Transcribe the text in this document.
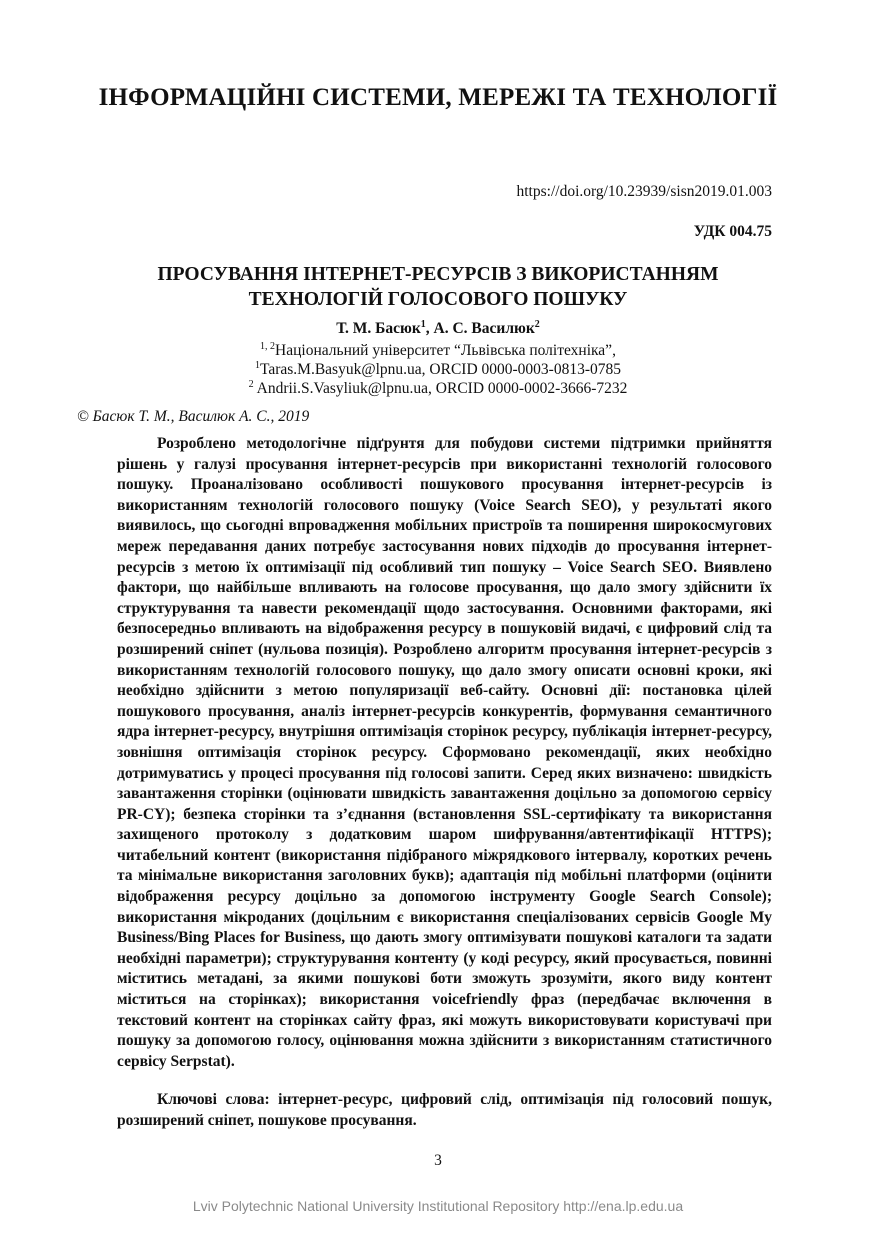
ІНФОРМАЦІЙНІ СИСТЕМИ, МЕРЕЖІ ТА ТЕХНОЛОГІЇ
https://doi.org/10.23939/sisn2019.01.003
УДК 004.75
ПРОСУВАННЯ ІНТЕРНЕТ-РЕСУРСІВ З ВИКОРИСТАННЯМ
ТЕХНОЛОГІЙ ГОЛОСОВОГО ПОШУКУ
Т. М. Басюк$^1$, А. С. Василюк$^2$
$^{1, 2}$Національний університет “Львівська політехніка”,
$^1$Taras.M.Basyuk@lpnu.ua, ORCID 0000-0003-0813-0785
$^2$ Andrii.S.Vasyliuk@lpnu.ua, ORCID 0000-0002-3666-7232
© Басюк Т. М., Василюк А. С., 2019

Розроблено методологічне підґрунтя для побудови системи підтримки прийняття рішень у галузі просування інтернет-ресурсів при використанні технологій голосового пошуку. Проаналізовано особливості пошукового просування інтернет-ресурсів із використанням технологій голосового пошуку (Voice Search SEO), у результаті якого виявилось, що сьогодні впровадження мобільних пристроїв та поширення широкосмугових мереж передавання даних потребує застосування нових підходів до просування інтернет-ресурсів з метою їх оптимізації під особливий тип пошуку – Voice Search SEO. Виявлено фактори, що найбільше впливають на голосове просування, що дало змогу здійснити їх структурування та навести рекомендації щодо застосування. Основними факторами, які безпосередньо впливають на відображення ресурсу в пошуковій видачі, є цифровий слід та розширений сніпет (нульова позиція). Розроблено алгоритм просування інтернет-ресурсів з використанням технологій голосового пошуку, що дало змогу описати основні кроки, які необхідно здійснити з метою популяризації веб-сайту. Основні дії: постановка цілей пошукового просування, аналіз інтернет-ресурсів конкурентів, формування семантичного ядра інтернет-ресурсу, внутрішня оптимізація сторінок ресурсу, публікація інтернет-ресурсу, зовнішня оптимізація сторінок ресурсу. Сформовано рекомендації, яких необхідно дотримуватись у процесі просування під голосові запити. Серед яких визначено: швидкість завантаження сторінки (оцінювати швидкість завантаження доцільно за допомогою сервісу PR-CY); безпека сторінки та з’єднання (встановлення SSL-сертифікату та використання захищеного протоколу з додатковим шаром шифрування/автентифікації HTTPS); читабельний контент (використання підібраного міжрядкового інтервалу, коротких речень та мінімальне використання заголовних букв); адаптація під мобільні платформи (оцінити відображення ресурсу доцільно за допомогою інструменту Google Search Console); використання мікроданих (доцільним є використання спеціалізованих сервісів Google My Business/Bing Places for Business, що дають змогу оптимізувати пошукові каталоги та задати необхідні параметри); структурування контенту (у коді ресурсу, який просувається, повинні міститись метадані, за якими пошукові боти зможуть зрозуміти, якого виду контент міститься на сторінках); використання voicefriendly фраз (передбачає включення в текстовий контент на сторінках сайту фраз, які можуть використовувати користувачі при пошуку за допомогою голосу, оцінювання можна здійснити з використанням статистичного сервісу Serpstat).

Ключові слова: інтернет-ресурс, цифровий слід, оптимізація під голосовий пошук, розширений сніпет, пошукове просування.

3
Lviv Polytechnic National University Institutional Repository http://ena.lp.edu.ua
